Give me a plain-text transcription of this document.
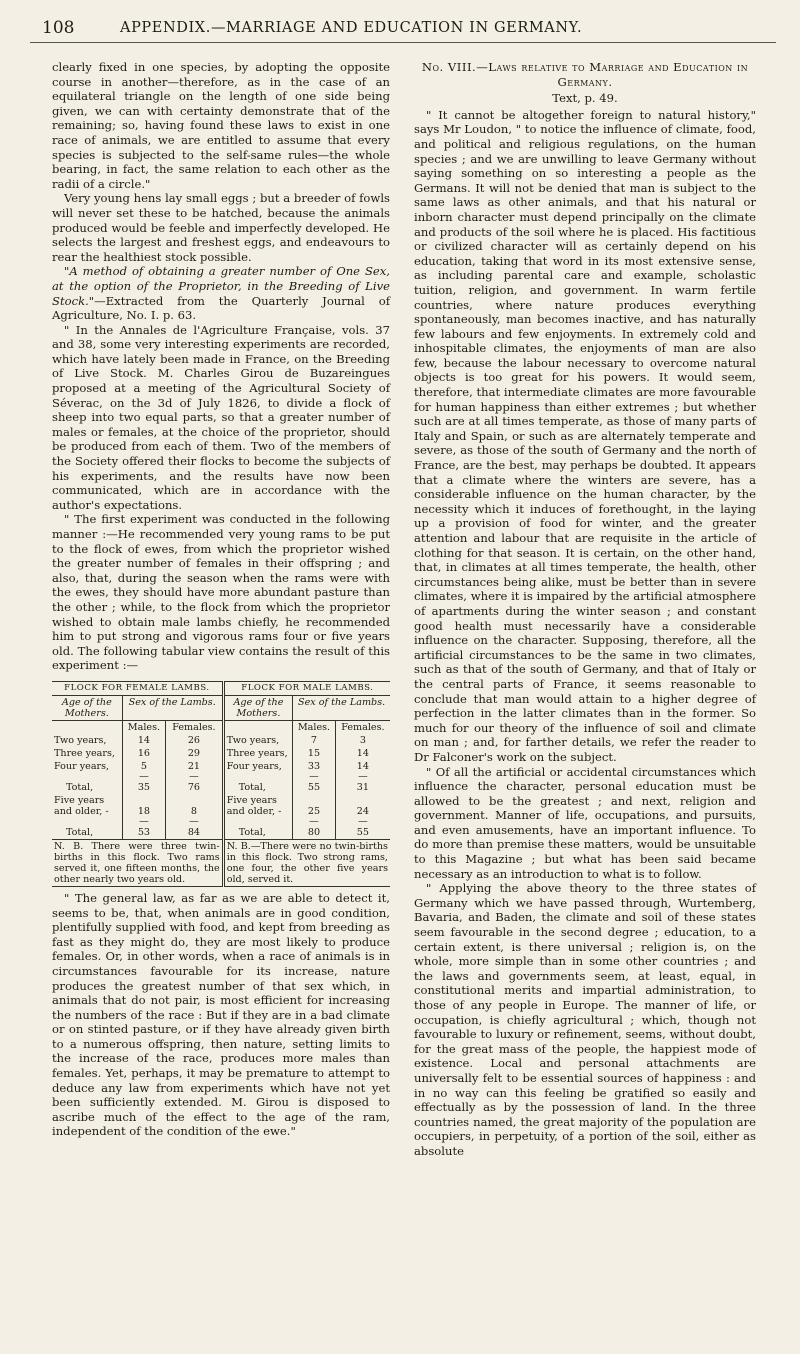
108	APPENDIX.—MARRIAGE AND EDUCATION IN GERMANY.

clearly fixed in one species, by adopting the opposite course in another—therefore, as in the case of an equilateral triangle on the length of one side being given, we can with certainty demonstrate that of the remaining; so, having found these laws to exist in one race of animals, we are entitled to assume that every species is subjected to the self-same rules—the whole bearing, in fact, the same relation to each other as the radii of a circle."

Very young hens lay small eggs ; but a breeder of fowls will never set these to be hatched, because the animals produced would be feeble and imperfectly developed. He selects the largest and freshest eggs, and endeavours to rear the healthiest stock possible.

"A method of obtaining a greater number of One Sex, at the option of the Proprietor, in the Breeding of Live Stock."—Extracted from the Quarterly Journal of Agriculture, No. I. p. 63.

" In the Annales de l'Agriculture Française, vols. 37 and 38, some very interesting experiments are recorded, which have lately been made in France, on the Breeding of Live Stock. M. Charles Girou de Buzareingues proposed at a meeting of the Agricultural Society of Séverac, on the 3d of July 1826, to divide a flock of sheep into two equal parts, so that a greater number of males or females, at the choice of the proprietor, should be produced from each of them. Two of the members of the Society offered their flocks to become the subjects of his experiments, and the results have now been communicated, which are in accordance with the author's expectations.

" The first experiment was conducted in the following manner :—He recommended very young rams to be put to the flock of ewes, from which the proprietor wished the greater number of females in their offspring ; and also, that, during the season when the rams were with the ewes, they should have more abundant pasture than the other ; while, to the flock from which the proprietor wished to obtain male lambs chiefly, he recommended him to put strong and vigorous rams four or five years old. The following tabular view contains the result of this experiment :—

FLOCK FOR FEMALE LAMBS.			FLOCK FOR MALE LAMBS.		
Age of the Mothers.	Sex of the Lambs.		Age of the Mothers.	Sex of the Lambs.	
	Males.	Females.		Males.	Females.
Two years,	14	26	Two years,	7	3
Three years,	16	29	Three years,	15	14
Four years,	5	21	Four years,	33	14
	—	—		—	—
Total,	35	76	Total,	55	31
Five years and older, -	18	8	Five years and older, -	25	24
	—	—		—	—
Total,	53	84	Total,	80	55
N. B. There were three twin-births in this flock. Two rams served it, one fifteen months, the other nearly two years old.			N. B.—There were no twin-births in this flock. Two strong rams, one four, the other five years old, served it.		

" The general law, as far as we are able to detect it, seems to be, that, when animals are in good condition, plentifully supplied with food, and kept from breeding as fast as they might do, they are most likely to produce females. Or, in other words, when a race of animals is in circumstances favourable for its increase, nature produces the greatest number of that sex which, in animals that do not pair, is most efficient for increasing the numbers of the race : But if they are in a bad climate or on stinted pasture, or if they have already given birth to a numerous offspring, then nature, setting limits to the increase of the race, produces more males than females. Yet, perhaps, it may be premature to attempt to deduce any law from experiments which have not yet been sufficiently extended. M. Girou is disposed to ascribe much of the effect to the age of the ram, independent of the condition of the ewe."

No. VIII.—Laws relative to Marriage and Education in Germany.

Text, p. 49.

" It cannot be altogether foreign to natural history," says Mr Loudon, " to notice the influence of climate, food, and political and religious regulations, on the human species ; and we are unwilling to leave Germany without saying something on so interesting a people as the Germans. It will not be denied that man is subject to the same laws as other animals, and that his natural or inborn character must depend principally on the climate and products of the soil where he is placed. His factitious or civilized character will as certainly depend on his education, taking that word in its most extensive sense, as including parental care and example, scholastic tuition, religion, and government. In warm fertile countries, where nature produces everything spontaneously, man becomes inactive, and has naturally few labours and few enjoyments. In extremely cold and inhospitable climates, the enjoyments of man are also few, because the labour necessary to overcome natural objects is too great for his powers. It would seem, therefore, that intermediate climates are more favourable for human happiness than either extremes ; but whether such are at all times temperate, as those of many parts of Italy and Spain, or such as are alternately temperate and severe, as those of the south of Germany and the north of France, are the best, may perhaps be doubted. It appears that a climate where the winters are severe, has a considerable influence on the human character, by the necessity which it induces of forethought, in the laying up a provision of food for winter, and the greater attention and labour that are requisite in the article of clothing for that season. It is certain, on the other hand, that, in climates at all times temperate, the health, other circumstances being alike, must be better than in severe climates, where it is impaired by the artificial atmosphere of apartments during the winter season ; and constant good health must necessarily have a considerable influence on the character. Supposing, therefore, all the artificial circumstances to be the same in two climates, such as that of the south of Germany, and that of Italy or the central parts of France, it seems reasonable to conclude that man would attain to a higher degree of perfection in the latter climates than in the former. So much for our theory of the influence of soil and climate on man ; and, for farther details, we refer the reader to Dr Falconer's work on the subject.

" Of all the artificial or accidental circumstances which influence the character, personal education must be allowed to be the greatest ; and next, religion and government. Manner of life, occupations, and pursuits, and even amusements, have an important influence. To do more than premise these matters, would be unsuitable to this Magazine ; but what has been said became necessary as an introduction to what is to follow.

" Applying the above theory to the three states of Germany which we have passed through, Wurtemberg, Bavaria, and Baden, the climate and soil of these states seem favourable in the second degree ; education, to a certain extent, is there universal ; religion is, on the whole, more simple than in some other countries ; and the laws and governments seem, at least, equal, in constitutional merits and impartial administration, to those of any people in Europe. The manner of life, or occupation, is chiefly agricultural ; which, though not favourable to luxury or refinement, seems, without doubt, for the great mass of the people, the happiest mode of existence. Local and personal attachments are universally felt to be essential sources of happiness : and in no way can this feeling be gratified so easily and effectually as by the possession of land. In the three countries named, the great majority of the population are occupiers, in perpetuity, of a portion of the soil, either as absolute
